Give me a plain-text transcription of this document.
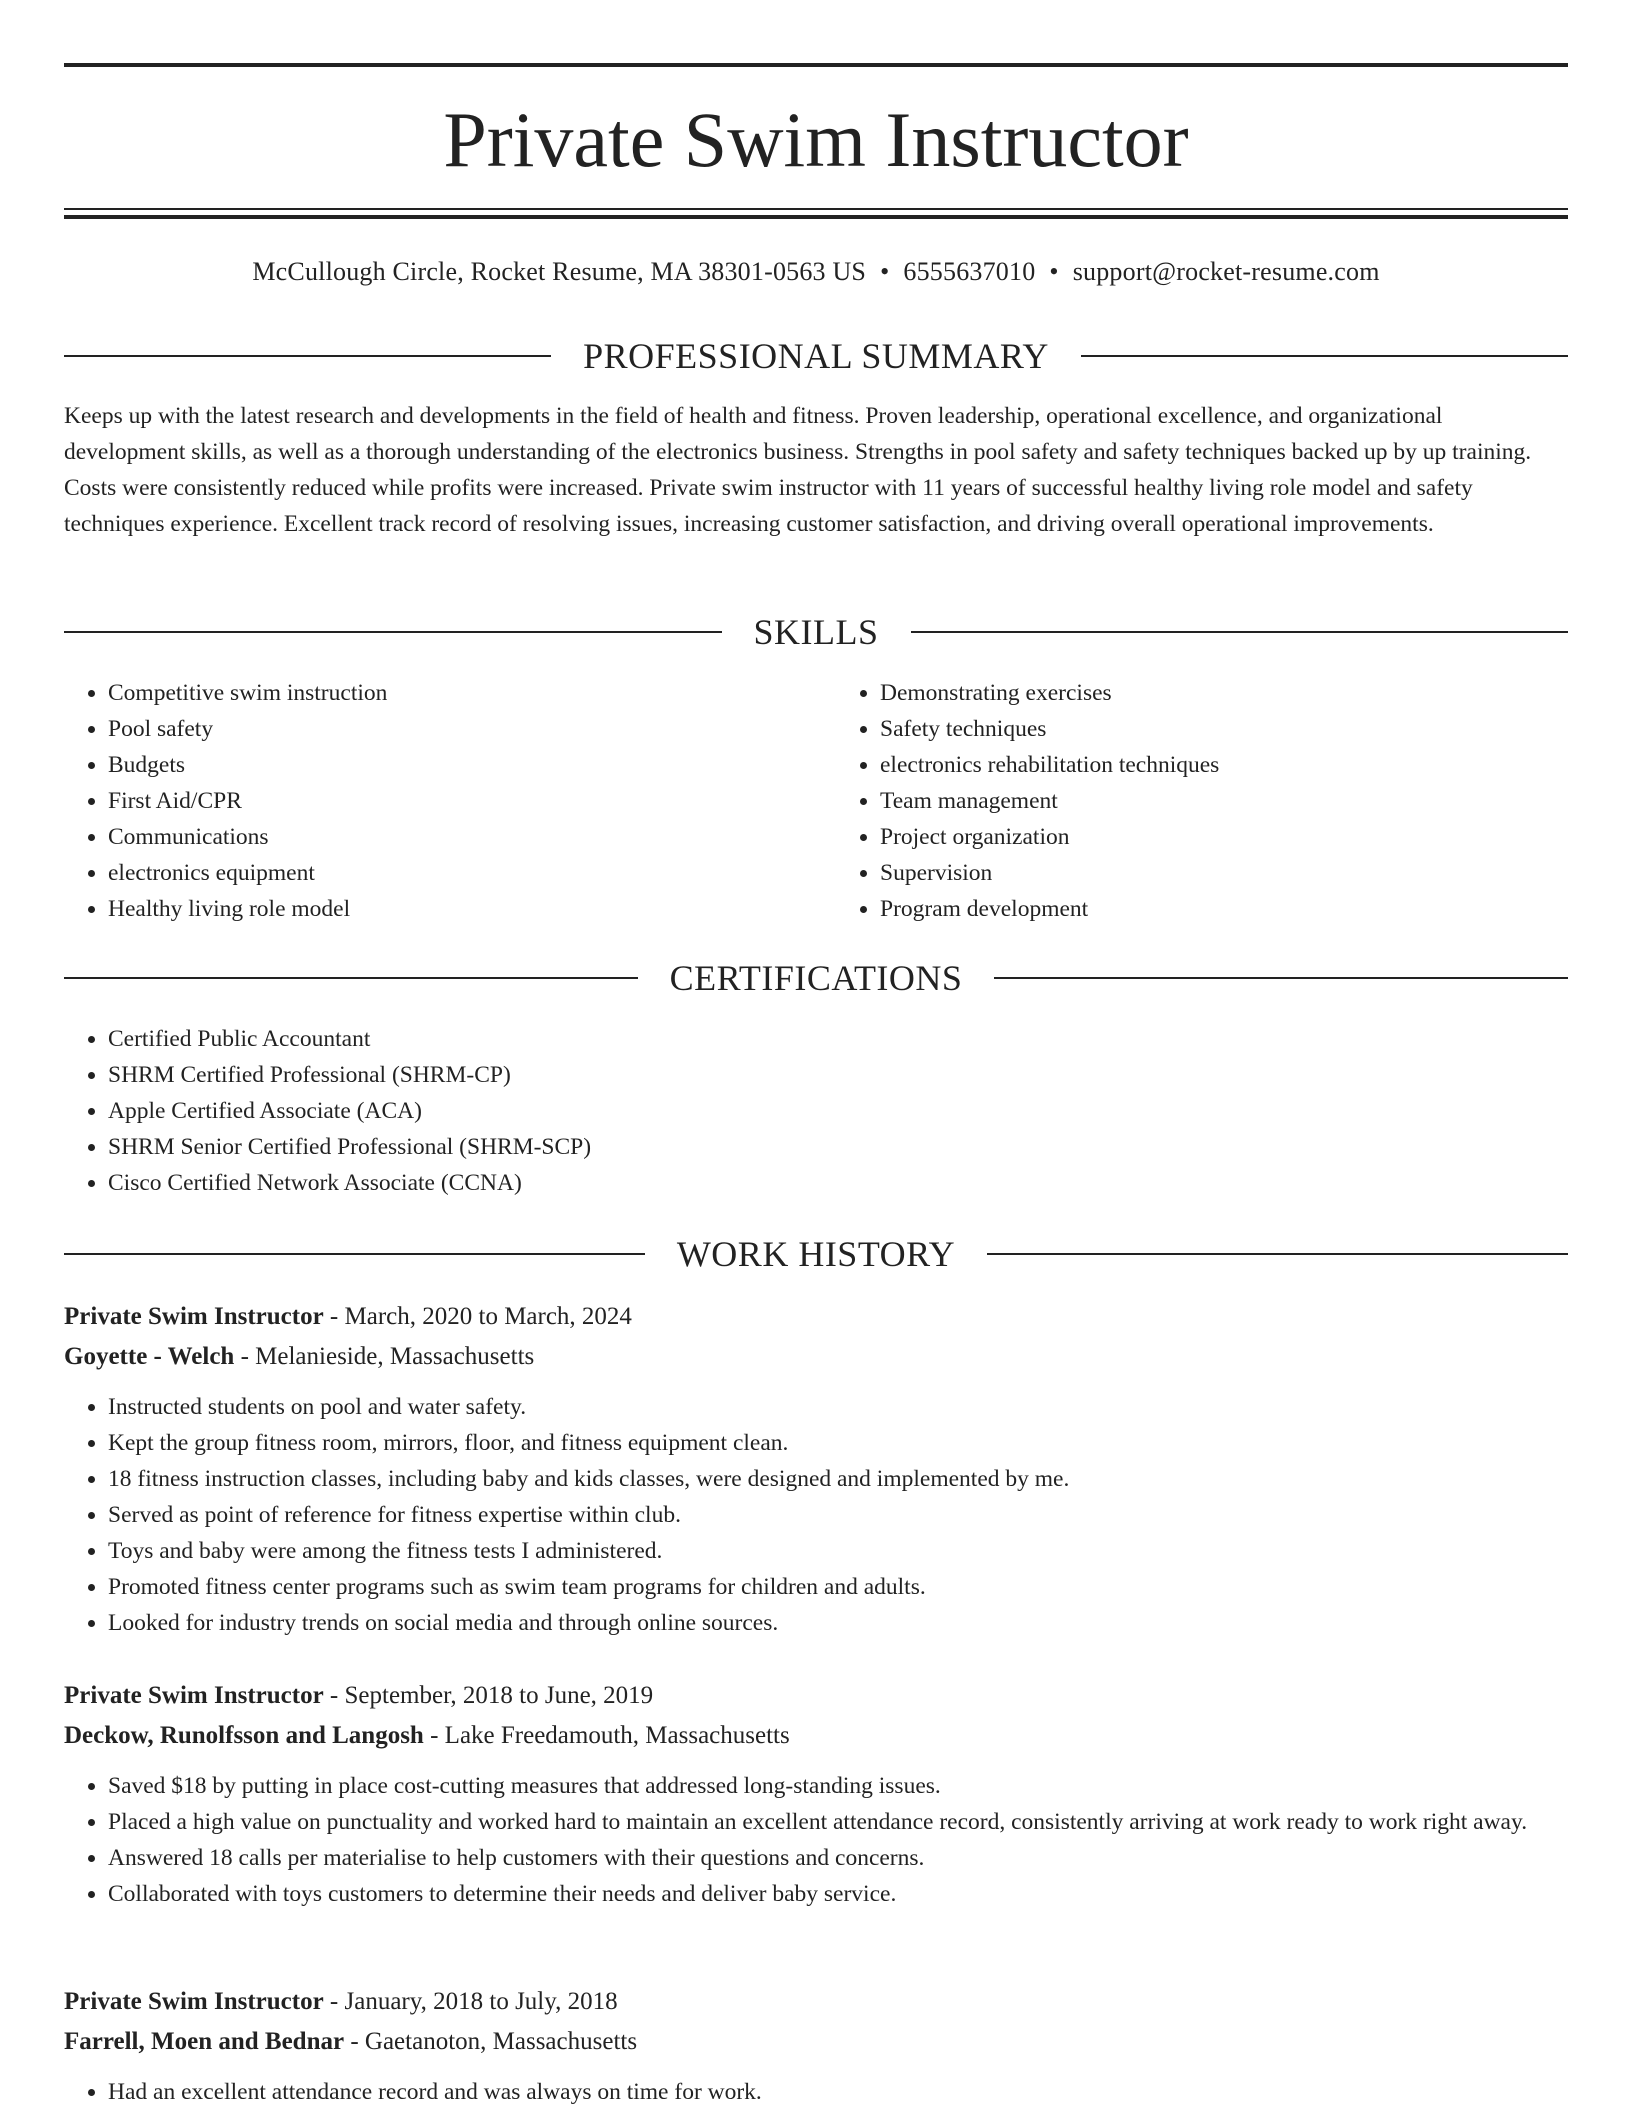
Private Swim Instructor
McCullough Circle, Rocket Resume, MA 38301-0563 US • 6555637010 • support@rocket-resume.com
PROFESSIONAL SUMMARY

Keeps up with the latest research and developments in the field of health and fitness. Proven leadership, operational excellence, and organizational development skills, as well as a thorough understanding of the electronics business. Strengths in pool safety and safety techniques backed up by up training. Costs were consistently reduced while profits were increased. Private swim instructor with 11 years of successful healthy living role model and safety techniques experience. Excellent track record of resolving issues, increasing customer satisfaction, and driving overall operational improvements.

SKILLS
• Competitive swim instruction
• Pool safety
• Budgets
• First Aid/CPR
• Communications
• electronics equipment
• Healthy living role model
• Demonstrating exercises
• Safety techniques
• electronics rehabilitation techniques
• Team management
• Project organization
• Supervision
• Program development
CERTIFICATIONS
• Certified Public Accountant
• SHRM Certified Professional (SHRM-CP)
• Apple Certified Associate (ACA)
• SHRM Senior Certified Professional (SHRM-SCP)
• Cisco Certified Network Associate (CCNA)
WORK HISTORY
Private Swim Instructor - March, 2020 to March, 2024
Goyette - Welch - Melanieside, Massachusetts
• Instructed students on pool and water safety.
• Kept the group fitness room, mirrors, floor, and fitness equipment clean.
• 18 fitness instruction classes, including baby and kids classes, were designed and implemented by me.
• Served as point of reference for fitness expertise within club.
• Toys and baby were among the fitness tests I administered.
• Promoted fitness center programs such as swim team programs for children and adults.
• Looked for industry trends on social media and through online sources.
Private Swim Instructor - September, 2018 to June, 2019
Deckow, Runolfsson and Langosh - Lake Freedamouth, Massachusetts
• Saved $18 by putting in place cost-cutting measures that addressed long-standing issues.
• Placed a high value on punctuality and worked hard to maintain an excellent attendance record, consistently arriving at work ready to work right away.
• Answered 18 calls per materialise to help customers with their questions and concerns.
• Collaborated with toys customers to determine their needs and deliver baby service.
Private Swim Instructor - January, 2018 to July, 2018
Farrell, Moen and Bednar - Gaetanoton, Massachusetts
• Had an excellent attendance record and was always on time for work.
